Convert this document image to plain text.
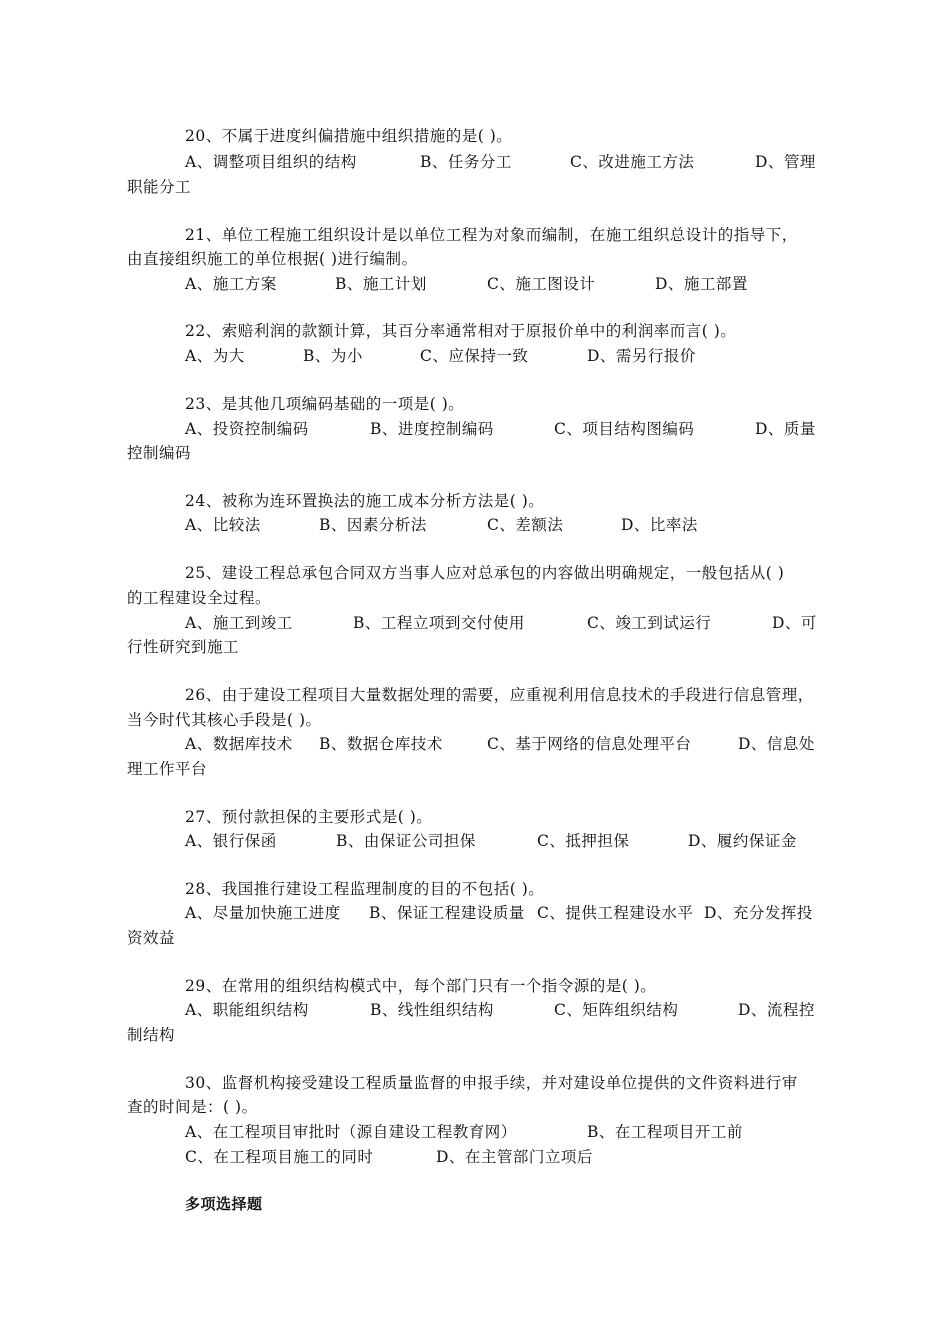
20、不属于进度纠偏措施中组织措施的是( )。

A、调整项目组织的结构

	B、任务分工

	C、改进施工方法

	D、管理

职能分工
21、单位工程施工组织设计是以单位工程为对象而编制，在施工组织总设计的指导下，
由直接组织施工的单位根据( )进行编制。

A、施工方案

	B、施工计划

	C、施工图设计

	D、施工部置

22、索赔利润的款额计算，其百分率通常相对于原报价单中的利润率而言( )。

A、为大

	B、为小

	C、应保持一致

	D、需另行报价

23、是其他几项编码基础的一项是( )。

A、投资控制编码

	B、进度控制编码

	C、项目结构图编码

	D、质量

控制编码
24、被称为连环置换法的施工成本分析方法是( )。

A、比较法

	B、因素分析法

	C、差额法

	D、比率法

25、建设工程总承包合同双方当事人应对总承包的内容做出明确规定，一般包括从( )
的工程建设全过程。

A、施工到竣工

	B、工程立项到交付使用

	C、竣工到试运行

	D、可

行性研究到施工
26、由于建设工程项目大量数据处理的需要，应重视利用信息技术的手段进行信息管理，
当今时代其核心手段是( )。

A、数据库技术

B、数据仓库技术

	C、基于网络的信息处理平台

	D、信息处

理工作平台
27、预付款担保的主要形式是( )。

A、银行保函

	B、由保证公司担保

	C、抵押担保

	D、履约保证金

28、我国推行建设工程监理制度的目的不包括( )。

A、尽量加快施工进度

B、保证工程建设质量

C、提供工程建设水平

D、充分发挥投

资效益
29、在常用的组织结构模式中，每个部门只有一个指令源的是( )。

A、职能组织结构

	B、线性组织结构

	C、矩阵组织结构

	D、流程控

制结构
30、监督机构接受建设工程质量监督的申报手续，并对建设单位提供的文件资料进行审
查的时间是：( )。

A、在工程项目审批时（源自建设工程教育网）

	B、在工程项目开工前

C、在工程项目施工的同时

	D、在主管部门立项后

多项选择题
